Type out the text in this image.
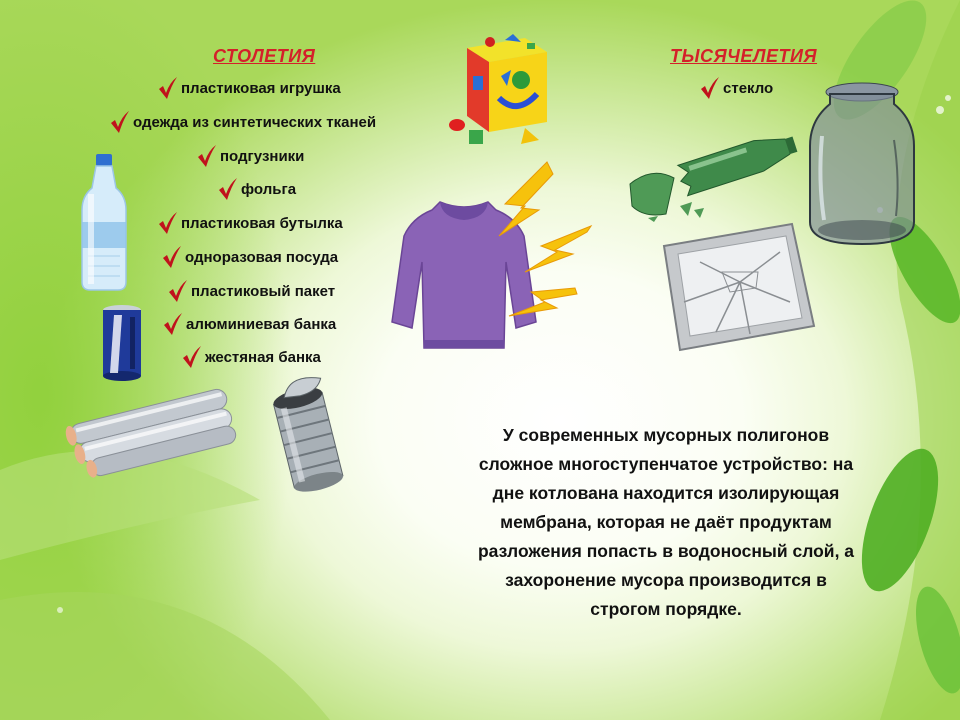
СТОЛЕТИЯ	ТЫСЯЧЕЛЕТИЯ
пластиковая игрушка
одежда из синтетических тканей
подгузники
фольга
пластиковая бутылка
одноразовая посуда
пластиковый пакет
алюминиевая банка
жестяная банка
стекло
У современных мусорных полигонов
сложное многоступенчатое устройство: на
дне котлована находится изолирующая
мембрана, которая не даёт продуктам
разложения попасть в водоносный слой, а
захоронение мусора производится в
строгом порядке.
